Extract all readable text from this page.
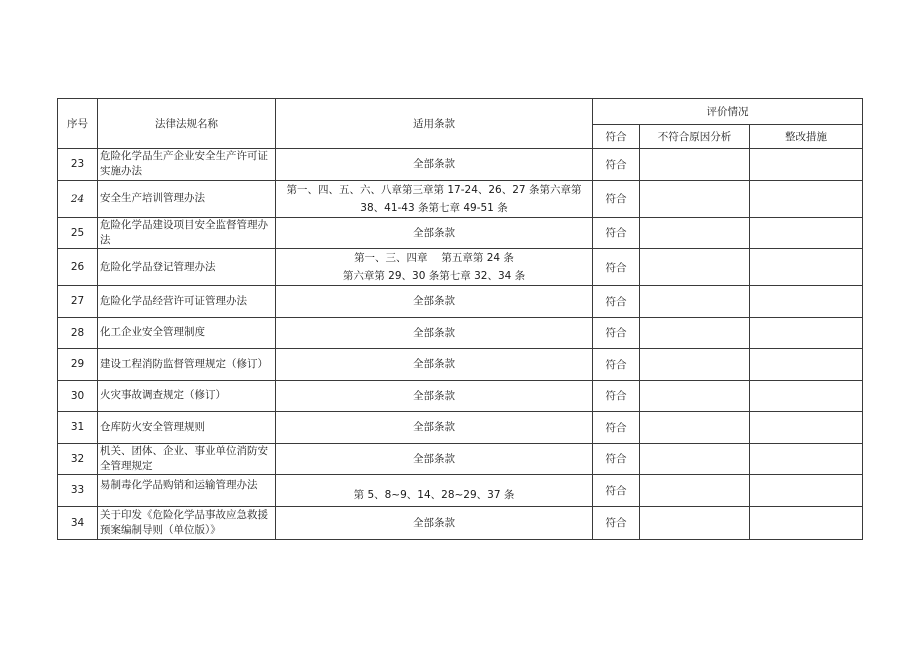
序号	法律法规名称	适用条款	评价情况		
			符合	不符合原因分析	整改措施
23	危险化学品生产企业安全生产许可证实施办法	全部条款	符合		
24	安全生产培训管理办法	第一、四、五、六、八章第三章第 17-24、26、27 条第六章第
38、41-43 条第七章 49-51 条	符合		
25	危险化学品建设项目安全监督管理办法	全部条款	符合		
26	危险化学品登记管理办法	第一、三、四章　 第五章第 24 条
第六章第 29、30 条第七章 32、34 条	符合		
27	危险化学品经营许可证管理办法	全部条款	符合		
28	化工企业安全管理制度	全部条款	符合		
29	建设工程消防监督管理规定（修订）	全部条款	符合		
30	火灾事故调查规定（修订）	全部条款	符合		
31	仓库防火安全管理规则	全部条款	符合		
32	机关、团体、企业、事业单位消防安全管理规定	全部条款	符合		
33	易制毒化学品购销和运输管理办法	第 5、8~9、14、28~29、37 条	符合		
34	关于印发《危险化学品事故应急救援预案编制导则（单位版）》	全部条款	符合		
